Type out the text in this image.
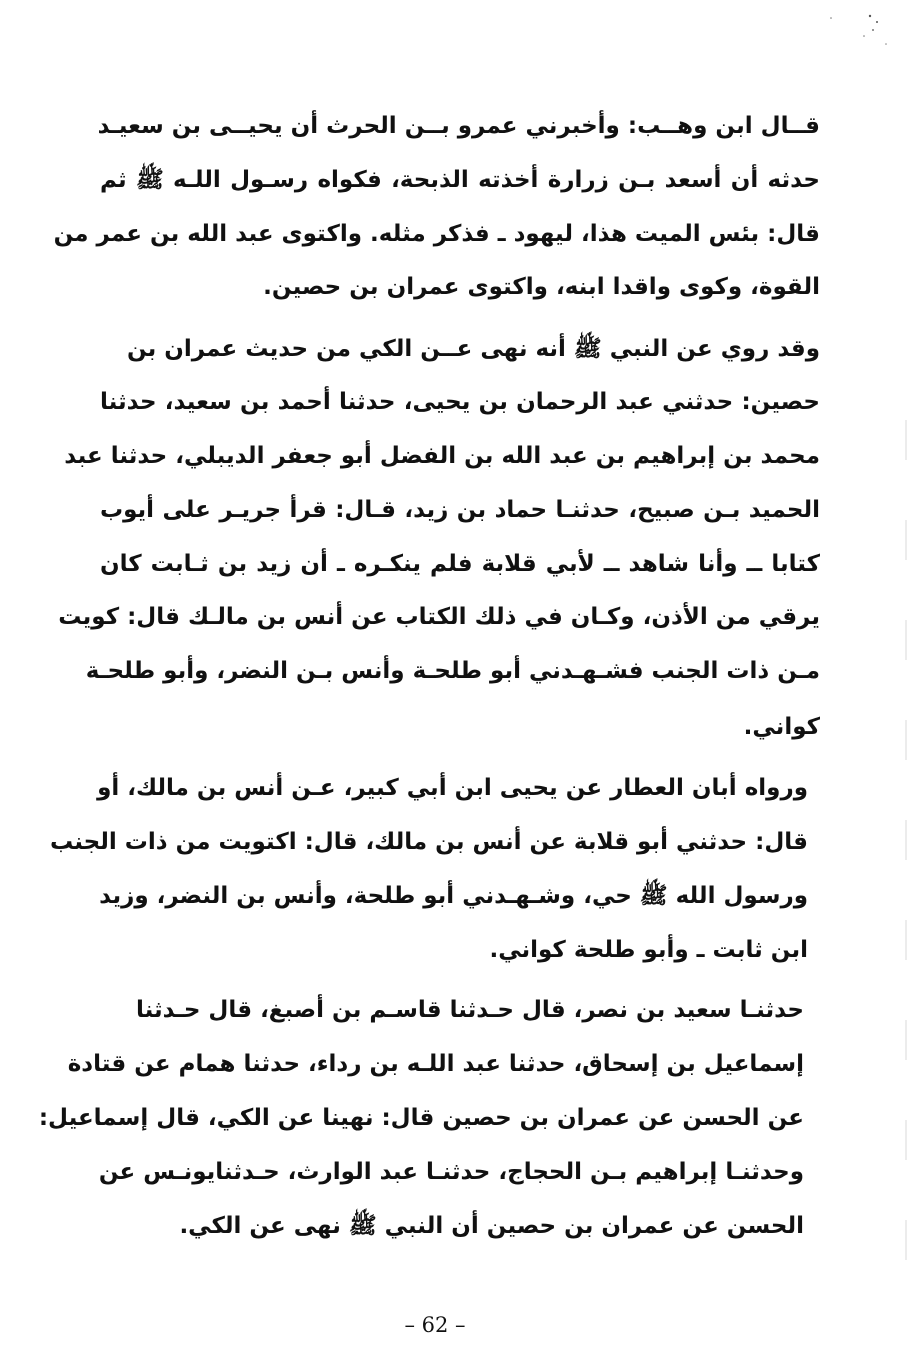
قــال ابن وهــب: وأخبرني عمرو بــن الحرث أن يحيــى بن سعيـد
حدثه أن أسعد بـن زرارة أخذته الذبحة، فكواه رسـول اللـه ﷺ ثم
قال: بئس الميت هذا، ليهود ـ فذكر مثله. واكتوى عبد الله بن عمر من
القوة، وكوى واقدا ابنه، واكتوى عمران بن حصين.
وقد روي عن النبي ﷺ أنه نهى عــن الكي من حديث عمران بن
حصين: حدثني عبد الرحمان بن يحيى، حدثنا أحمد بن سعيد، حدثنا
محمد بن إبراهيم بن عبد الله بن الفضل أبو جعفر الديبلي، حدثنا عبد
الحميد بـن صبيح، حدثنـا حماد بن زيد، قـال: قرأ جريـر على أيوب
كتابا ــ وأنا شاهد ــ لأبي قلابة فلم ينكـره ـ أن زيد بن ثـابت كان
يرقي من الأذن، وكـان في ذلك الكتاب عن أنس بن مالـك قال: كويت
مـن ذات الجنب فشـهـدني أبو طلحـة وأنس بـن النضر، وأبو طلحـة
كواني.
ورواه أبان العطار عن يحيى ابن أبي كبير، عـن أنس بن مالك، أو
قال: حدثني أبو قلابة عن أنس بن مالك، قال: اكتويت من ذات الجنب
ورسول الله ﷺ حي، وشـهـدني أبو طلحة، وأنس بن النضر، وزيد
ابن ثابت ـ وأبو طلحة كواني.
حدثنـا سعيد بن نصر، قال حـدثنا قاسـم بن أصبغ، قال حـدثنا
إسماعيل بن إسحاق، حدثنا عبد اللـه بن رداء، حدثنا همام عن قتادة
عن الحسن عن عمران بن حصين قال: نهينا عن الكي، قال إسماعيل:
وحدثنـا إبراهيم بـن الحجاج، حدثنـا عبد الوارث، حـدثنايونـس عن
الحسن عن عمران بن حصين أن النبي ﷺ نهى عن الكي.
– 62 –
